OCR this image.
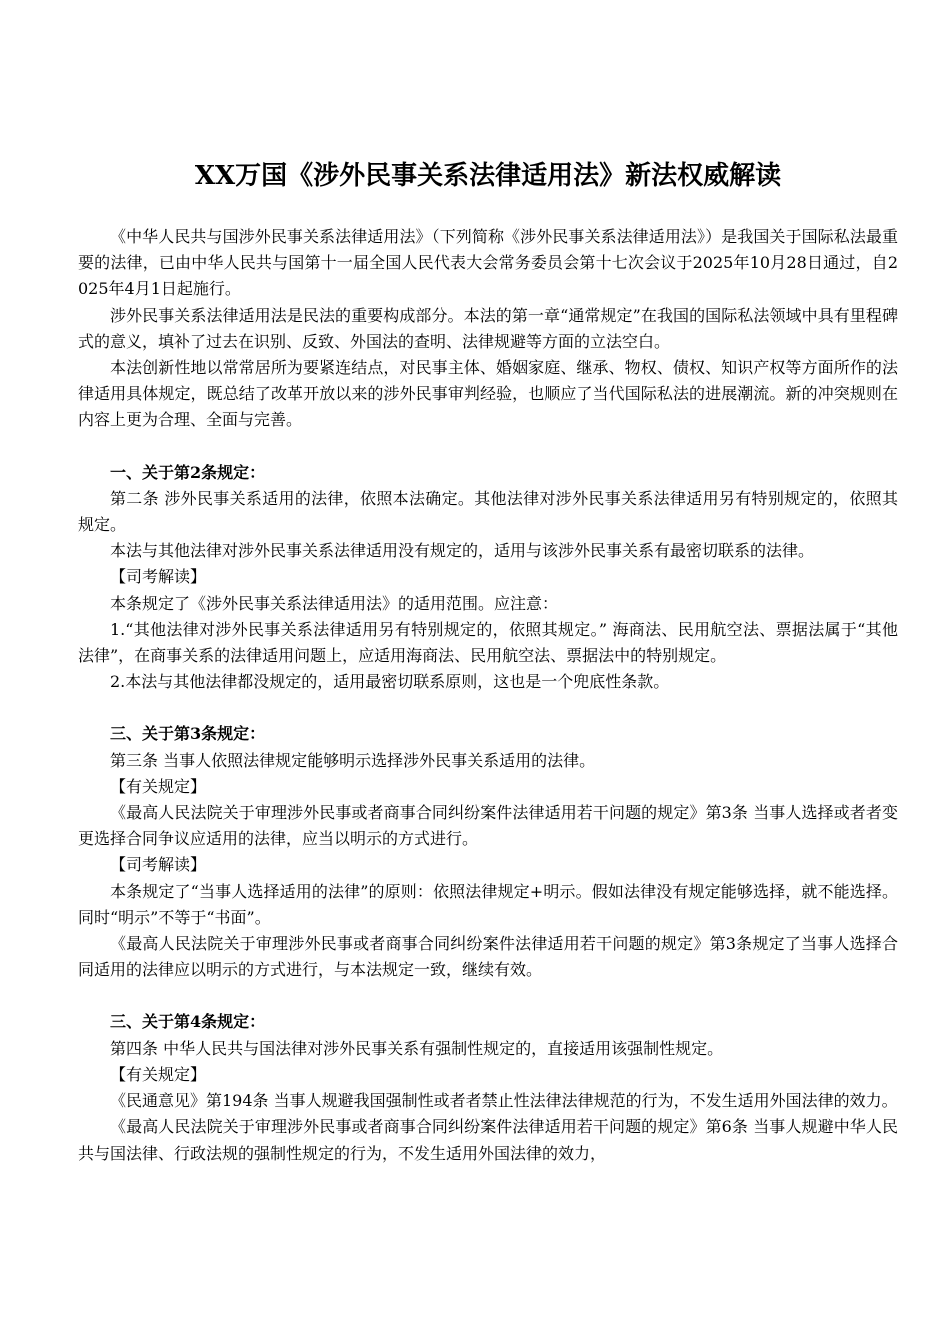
XX万国《涉外民事关系法律适用法》新法权威解读

《中华人民共与国涉外民事关系法律适用法》（下列简称《涉外民事关系法律适用法》）是我国关于国际私法最重要的法律，已由中华人民共与国第十一届全国人民代表大会常务委员会第十七次会议于2025年10月28日通过，自2025年4月1日起施行。

涉外民事关系法律适用法是民法的重要构成部分。本法的第一章“通常规定”在我国的国际私法领域中具有里程碑式的意义，填补了过去在识别、反致、外国法的查明、法律规避等方面的立法空白。

本法创新性地以常常居所为要紧连结点，对民事主体、婚姻家庭、继承、物权、债权、知识产权等方面所作的法律适用具体规定，既总结了改革开放以来的涉外民事审判经验，也顺应了当代国际私法的进展潮流。新的冲突规则在内容上更为合理、全面与完善。

一、关于第2条规定：

第二条 涉外民事关系适用的法律，依照本法确定。其他法律对涉外民事关系法律适用另有特别规定的，依照其规定。

本法与其他法律对涉外民事关系法律适用没有规定的，适用与该涉外民事关系有最密切联系的法律。

【司考解读】

本条规定了《涉外民事关系法律适用法》的适用范围。应注意：

1.“其他法律对涉外民事关系法律适用另有特别规定的，依照其规定。” 海商法、民用航空法、票据法属于“其他法律”，在商事关系的法律适用问题上，应适用海商法、民用航空法、票据法中的特别规定。

2.本法与其他法律都没规定的，适用最密切联系原则，这也是一个兜底性条款。

三、关于第3条规定：

第三条 当事人依照法律规定能够明示选择涉外民事关系适用的法律。

【有关规定】

《最高人民法院关于审理涉外民事或者商事合同纠纷案件法律适用若干问题的规定》第3条 当事人选择或者者变更选择合同争议应适用的法律，应当以明示的方式进行。

【司考解读】

本条规定了“当事人选择适用的法律”的原则：依照法律规定+明示。假如法律没有规定能够选择，就不能选择。同时“明示”不等于“书面”。

《最高人民法院关于审理涉外民事或者商事合同纠纷案件法律适用若干问题的规定》第3条规定了当事人选择合同适用的法律应以明示的方式进行，与本法规定一致，继续有效。

三、关于第4条规定：

第四条 中华人民共与国法律对涉外民事关系有强制性规定的，直接适用该强制性规定。

【有关规定】

《民通意见》第194条 当事人规避我国强制性或者者禁止性法律法律规范的行为，不发生适用外国法律的效力。

《最高人民法院关于审理涉外民事或者商事合同纠纷案件法律适用若干问题的规定》第6条 当事人规避中华人民共与国法律、行政法规的强制性规定的行为，不发生适用外国法律的效力，
